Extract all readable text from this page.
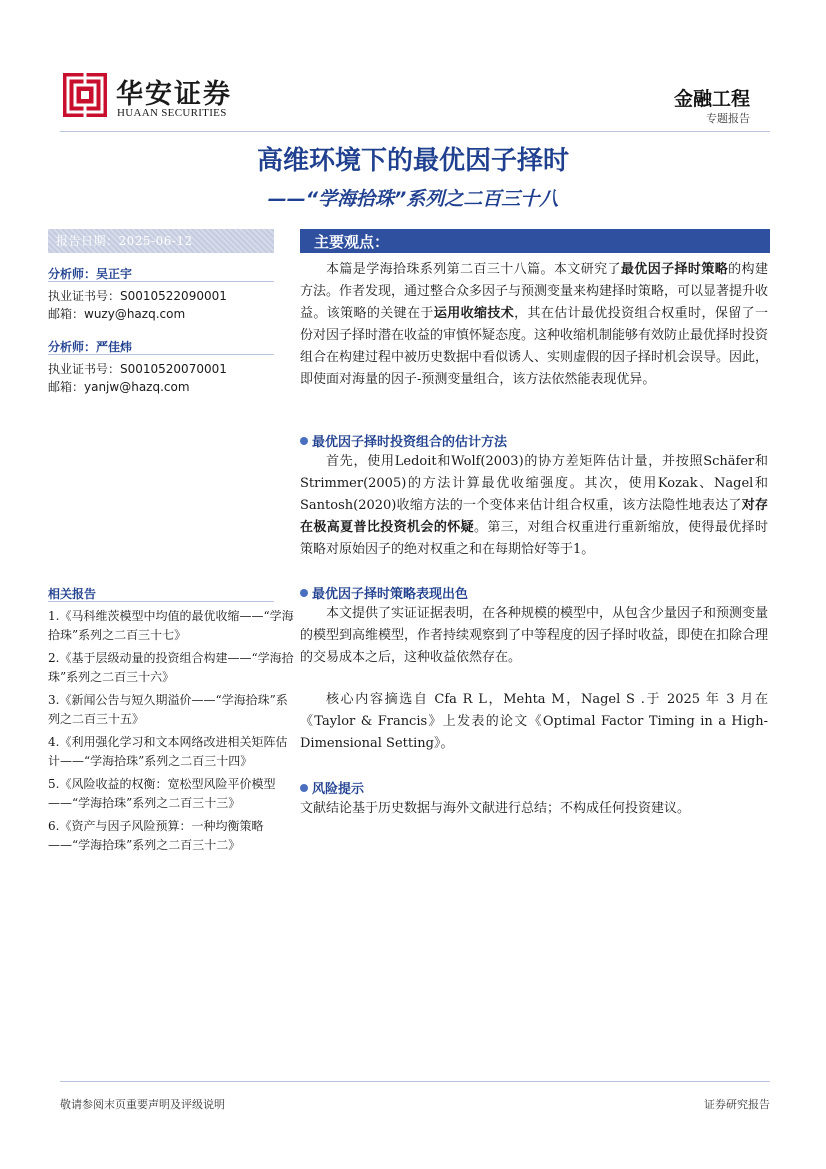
华安证券
HUAAN SECURITIES
金融工程
专题报告
高维环境下的最优因子择时
——“学海拾珠”系列之二百三十八
报告日期：2025-06-12
分析师：吴正宇
执业证书号：S0010522090001
邮箱：wuzy@hazq.com
分析师：严佳炜
执业证书号：S0010520070001
邮箱：yanjw@hazq.com
相关报告
1.《马科维茨模型中均值的最优收缩——“学海拾珠”系列之二百三十七》
2.《基于层级动量的投资组合构建——“学海拾珠”系列之二百三十六》
3.《新闻公告与短久期溢价——“学海拾珠”系列之二百三十五》
4.《利用强化学习和文本网络改进相关矩阵估计——“学海拾珠”系列之二百三十四》
5.《风险收益的权衡：宽松型风险平价模型——“学海拾珠”系列之二百三十三》
6.《资产与因子风险预算：一种均衡策略——“学海拾珠”系列之二百三十二》
主要观点：

本篇是学海拾珠系列第二百三十八篇。本文研究了最优因子择时策略的构建方法。作者发现，通过整合众多因子与预测变量来构建择时策略，可以显著提升收益。该策略的关键在于运用收缩技术，其在估计最优投资组合权重时，保留了一份对因子择时潜在收益的审慎怀疑态度。这种收缩机制能够有效防止最优择时投资组合在构建过程中被历史数据中看似诱人、实则虚假的因子择时机会误导。因此，即使面对海量的因子-预测变量组合，该方法依然能表现优异。

最优因子择时投资组合的估计方法

首先，使用Ledoit和Wolf(2003)的协方差矩阵估计量，并按照Schäfer和Strimmer(2005)的方法计算最优收缩强度。其次，使用Kozak、Nagel和Santosh(2020)收缩方法的一个变体来估计组合权重，该方法隐性地表达了对存在极高夏普比投资机会的怀疑。第三，对组合权重进行重新缩放，使得最优择时策略对原始因子的绝对权重之和在每期恰好等于1。

最优因子择时策略表现出色

本文提供了实证证据表明，在各种规模的模型中，从包含少量因子和预测变量的模型到高维模型，作者持续观察到了中等程度的因子择时收益，即使在扣除合理的交易成本之后，这种收益依然存在。

核心内容摘选自 Cfa R L，Mehta M，Nagel S .于 2025 年 3 月在《Taylor & Francis》上发表的论文《Optimal Factor Timing in a High-Dimensional Setting》。

风险提示
文献结论基于历史数据与海外文献进行总结；不构成任何投资建议。
敬请参阅末页重要声明及评级说明	证券研究报告
